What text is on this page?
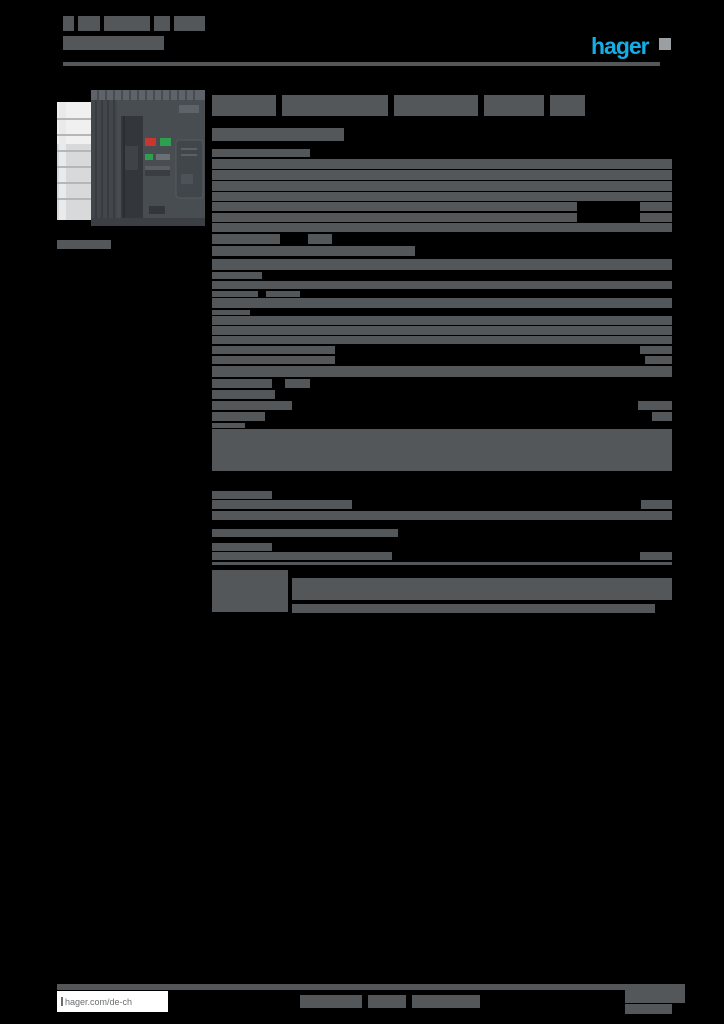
hager
hager.com/de-ch
